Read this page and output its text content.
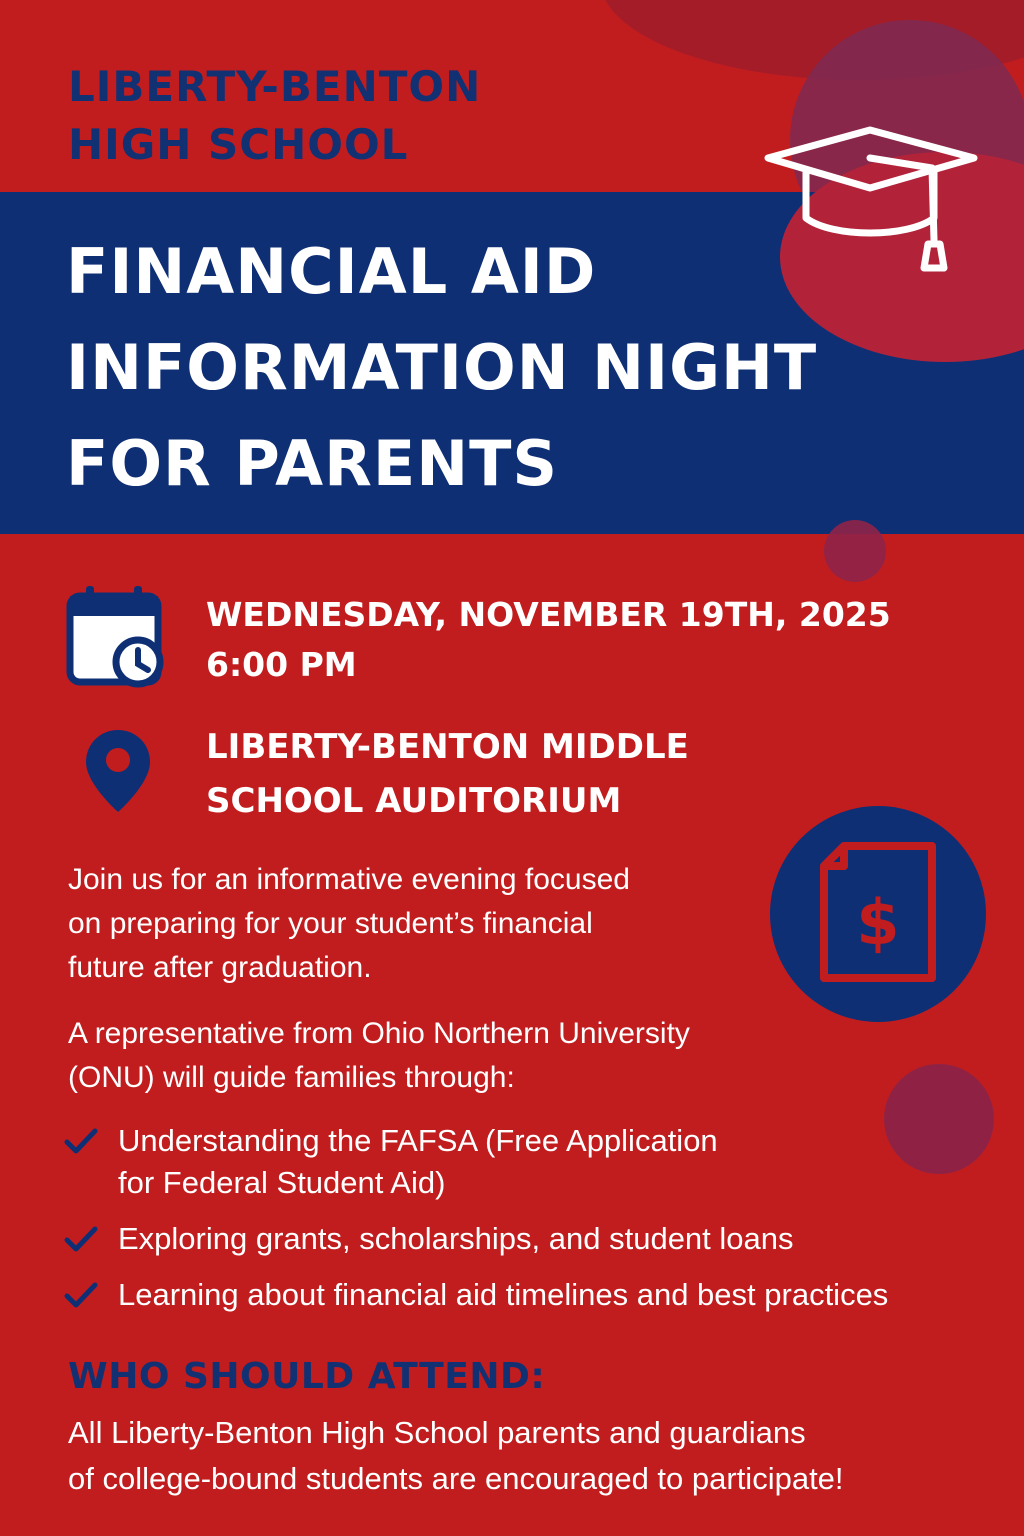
LIBERTY-BENTON
HIGH SCHOOL
FINANCIAL AID
INFORMATION NIGHT
FOR PARENTS
WEDNESDAY, NOVEMBER 19TH, 2025
6:00 PM
LIBERTY-BENTON MIDDLE
SCHOOL AUDITORIUM
$

Join us for an informative evening focused
on preparing for your student’s financial
future after graduation.

A representative from Ohio Northern University
(ONU) will guide families through:

Understanding the FAFSA (Free Application
for Federal Student Aid)
Exploring grants, scholarships, and student loans
Learning about financial aid timelines and best practices
WHO SHOULD ATTEND:

All Liberty-Benton High School parents and guardians
of college-bound students are encouraged to participate!
